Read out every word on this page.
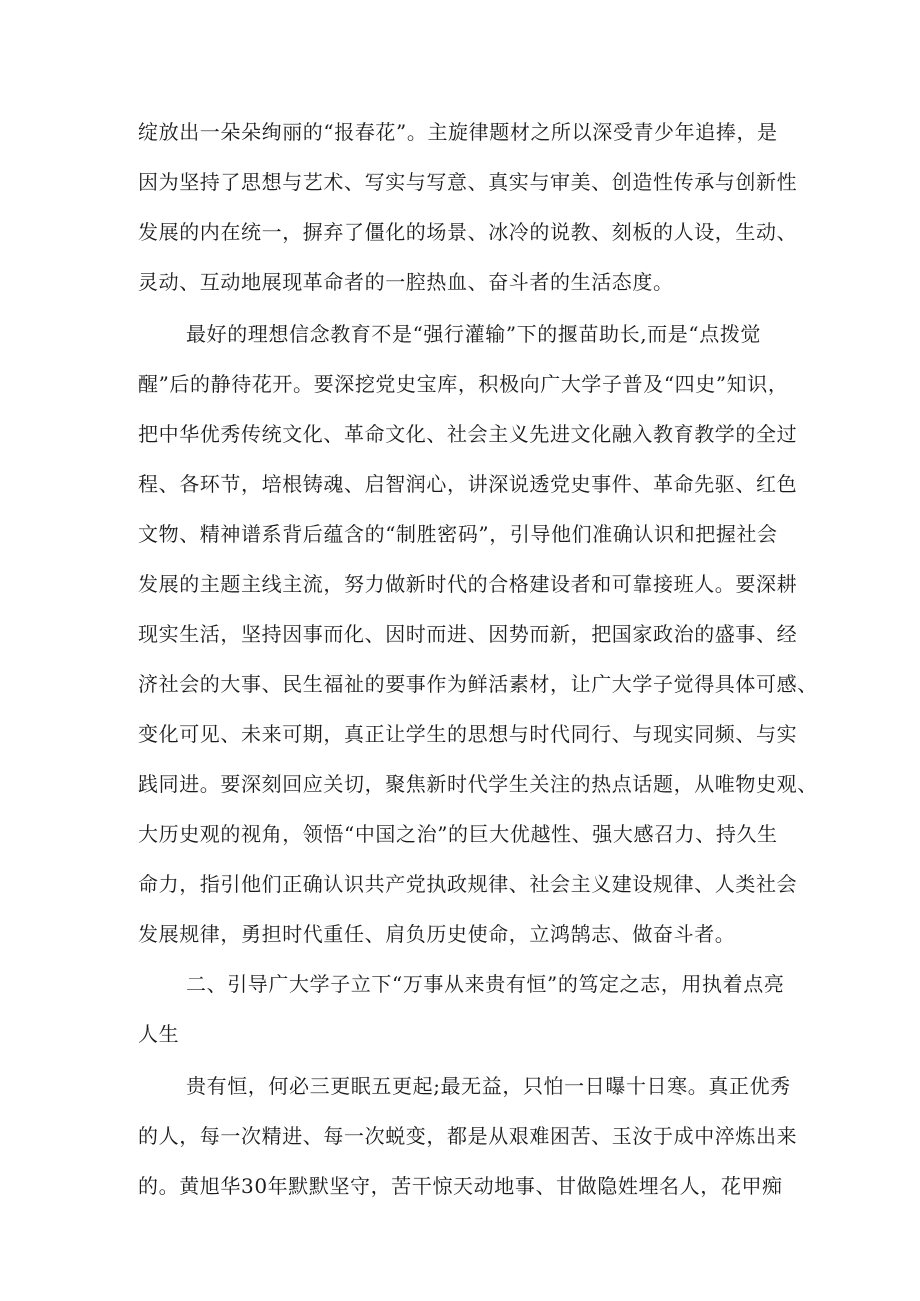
绽放出一朵朵绚丽的“报春花”。主旋律题材之所以深受青少年追捧，是
因为坚持了思想与艺术、写实与写意、真实与审美、创造性传承与创新性
发展的内在统一，摒弃了僵化的场景、冰冷的说教、刻板的人设，生动、
灵动、互动地展现革命者的一腔热血、奋斗者的生活态度。
最好的理想信念教育不是“强行灌输”下的揠苗助长,而是“点拨觉
醒”后的静待花开。要深挖党史宝库，积极向广大学子普及“四史”知识，
把中华优秀传统文化、革命文化、社会主义先进文化融入教育教学的全过
程、各环节，培根铸魂、启智润心，讲深说透党史事件、革命先驱、红色
文物、精神谱系背后蕴含的“制胜密码”，引导他们准确认识和把握社会
发展的主题主线主流，努力做新时代的合格建设者和可靠接班人。要深耕
现实生活，坚持因事而化、因时而进、因势而新，把国家政治的盛事、经
济社会的大事、民生福祉的要事作为鲜活素材，让广大学子觉得具体可感、
变化可见、未来可期，真正让学生的思想与时代同行、与现实同频、与实
践同进。要深刻回应关切，聚焦新时代学生关注的热点话题，从唯物史观、
大历史观的视角，领悟“中国之治”的巨大优越性、强大感召力、持久生
命力，指引他们正确认识共产党执政规律、社会主义建设规律、人类社会
发展规律，勇担时代重任、肩负历史使命，立鸿鹄志、做奋斗者。
二、引导广大学子立下“万事从来贵有恒”的笃定之志，用执着点亮
人生
贵有恒，何必三更眠五更起;最无益，只怕一日曝十日寒。真正优秀
的人，每一次精进、每一次蜕变，都是从艰难困苦、玉汝于成中淬炼出来
的。黄旭华30年默默坚守，苦干惊天动地事、甘做隐姓埋名人，花甲痴
